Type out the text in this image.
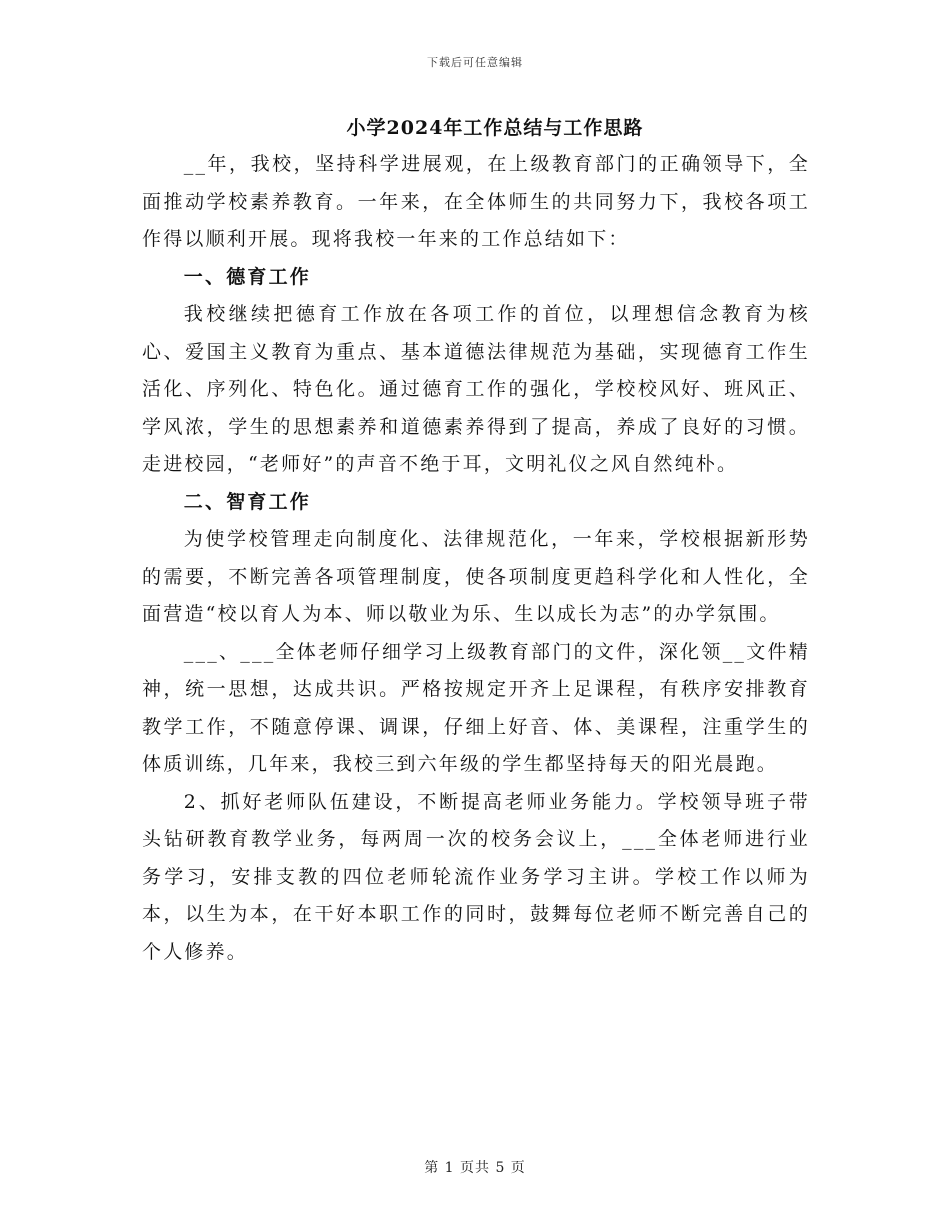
下载后可任意编辑
小学2024年工作总结与工作思路

__年，我校，坚持科学进展观，在上级教育部门的正确领导下，全面推动学校素养教育。一年来，在全体师生的共同努力下，我校各项工作得以顺利开展。现将我校一年来的工作总结如下：

一、德育工作

我校继续把德育工作放在各项工作的首位，以理想信念教育为核心、爱国主义教育为重点、基本道德法律规范为基础，实现德育工作生活化、序列化、特色化。通过德育工作的强化，学校校风好、班风正、学风浓，学生的思想素养和道德素养得到了提高，养成了良好的习惯。走进校园，“老师好”的声音不绝于耳，文明礼仪之风自然纯朴。

二、智育工作

为使学校管理走向制度化、法律规范化，一年来，学校根据新形势的需要，不断完善各项管理制度，使各项制度更趋科学化和人性化，全面营造“校以育人为本、师以敬业为乐、生以成长为志”的办学氛围。

___、___全体老师仔细学习上级教育部门的文件，深化领__文件精神，统一思想，达成共识。严格按规定开齐上足课程，有秩序安排教育教学工作，不随意停课、调课，仔细上好音、体、美课程，注重学生的体质训练，几年来，我校三到六年级的学生都坚持每天的阳光晨跑。

2、抓好老师队伍建设，不断提高老师业务能力。学校领导班子带头钻研教育教学业务，每两周一次的校务会议上，___全体老师进行业务学习，安排支教的四位老师轮流作业务学习主讲。学校工作以师为本，以生为本，在干好本职工作的同时，鼓舞每位老师不断完善自己的个人修养。

第 1 页共 5 页
